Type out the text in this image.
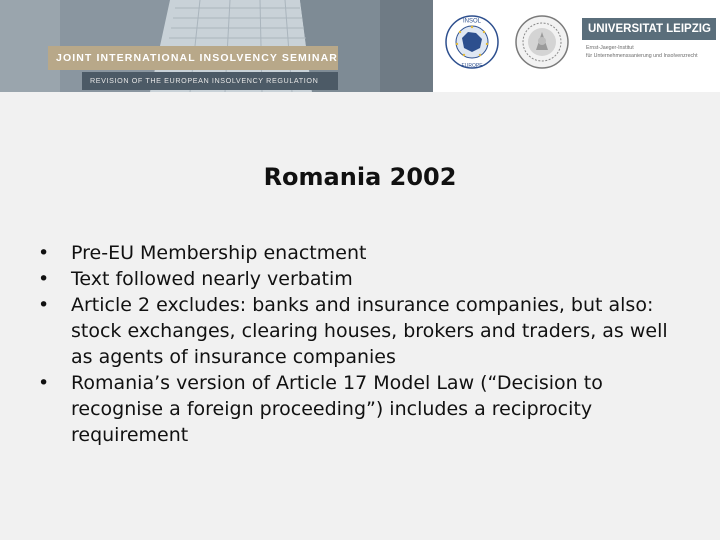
JOINT INTERNATIONAL INSOLVENCY SEMINAR
REVISION OF THE EUROPEAN INSOLVENCY REGULATION
INSOL
EUROPE
UNIVERSITAT LEIPZIG
Ernst-Jaeger-Institut
für Unternehmenssanierung und Insolvenzrecht
Romania 2002
• Pre-EU Membership enactment
• Text followed nearly verbatim
• Article 2 excludes: banks and insurance companies, but also: stock exchanges, clearing houses, brokers and traders, as well as agents of insurance companies
• Romania’s version of Article 17 Model Law (“Decision to recognise a foreign proceeding”) includes a reciprocity requirement
